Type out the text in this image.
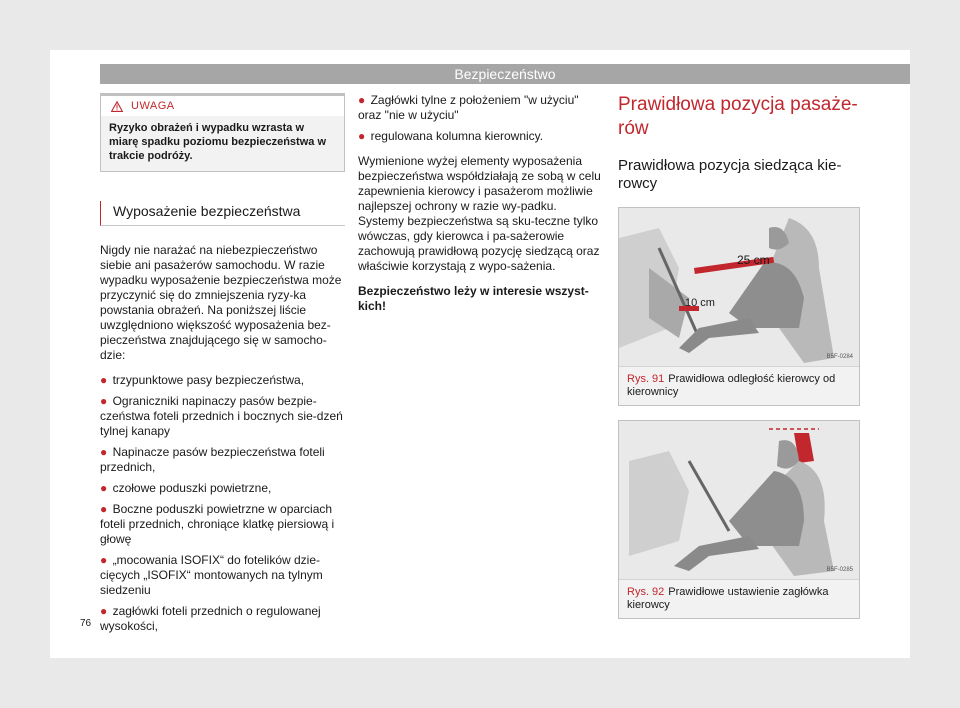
Bezpieczeństwo
UWAGA
Ryzyko obrażeń i wypadku wzrasta w miarę spadku poziomu bezpieczeństwa w trakcie podróży.
Wyposażenie bezpieczeństwa

Nigdy nie narażać na niebezpieczeństwo siebie ani pasażerów samochodu. W razie wypadku wyposażenie bezpieczeństwa może przyczynić się do zmniejszenia ryzy-ka powstania obrażeń. Na poniższej liście uwzględniono większość wyposażenia bez-pieczeństwa znajdującego się w samocho-dzie:

● trzypunktowe pasy bezpieczeństwa,
● Ograniczniki napinaczy pasów bezpie-czeństwa foteli przednich i bocznych sie-dzeń tylnej kanapy
● Napinacze pasów bezpieczeństwa foteli przednich,
● czołowe poduszki powietrzne,
● Boczne poduszki powietrzne w oparciach foteli przednich, chroniące klatkę piersiową i głowę
● „mocowania ISOFIX“ do fotelików dzie-cięcych „ISOFIX“ montowanych na tylnym siedzeniu
● zagłówki foteli przednich o regulowanej wysokości,
● Zagłówki tylne z położeniem "w użyciu" oraz "nie w użyciu"
● regulowana kolumna kierownicy.

Wymienione wyżej elementy wyposażenia bezpieczeństwa współdziałają ze sobą w celu zapewnienia kierowcy i pasażerom możliwie najlepszej ochrony w razie wy-padku. Systemy bezpieczeństwa są sku-teczne tylko wówczas, gdy kierowca i pa-sażerowie zachowują prawidłową pozycję siedzącą oraz właściwie korzystają z wypo-sażenia.

Bezpieczeństwo leży w interesie wszyst-kich!

Prawidłowa pozycja pasaże-
rów
Prawidłowa pozycja siedząca kie-
rowcy
25 cm
10 cm
B5F-0284
Rys. 91 Prawidłowa odległość kierowcy od kierownicy
B5F-0285
Rys. 92 Prawidłowe ustawienie zagłówka kierowcy
76
